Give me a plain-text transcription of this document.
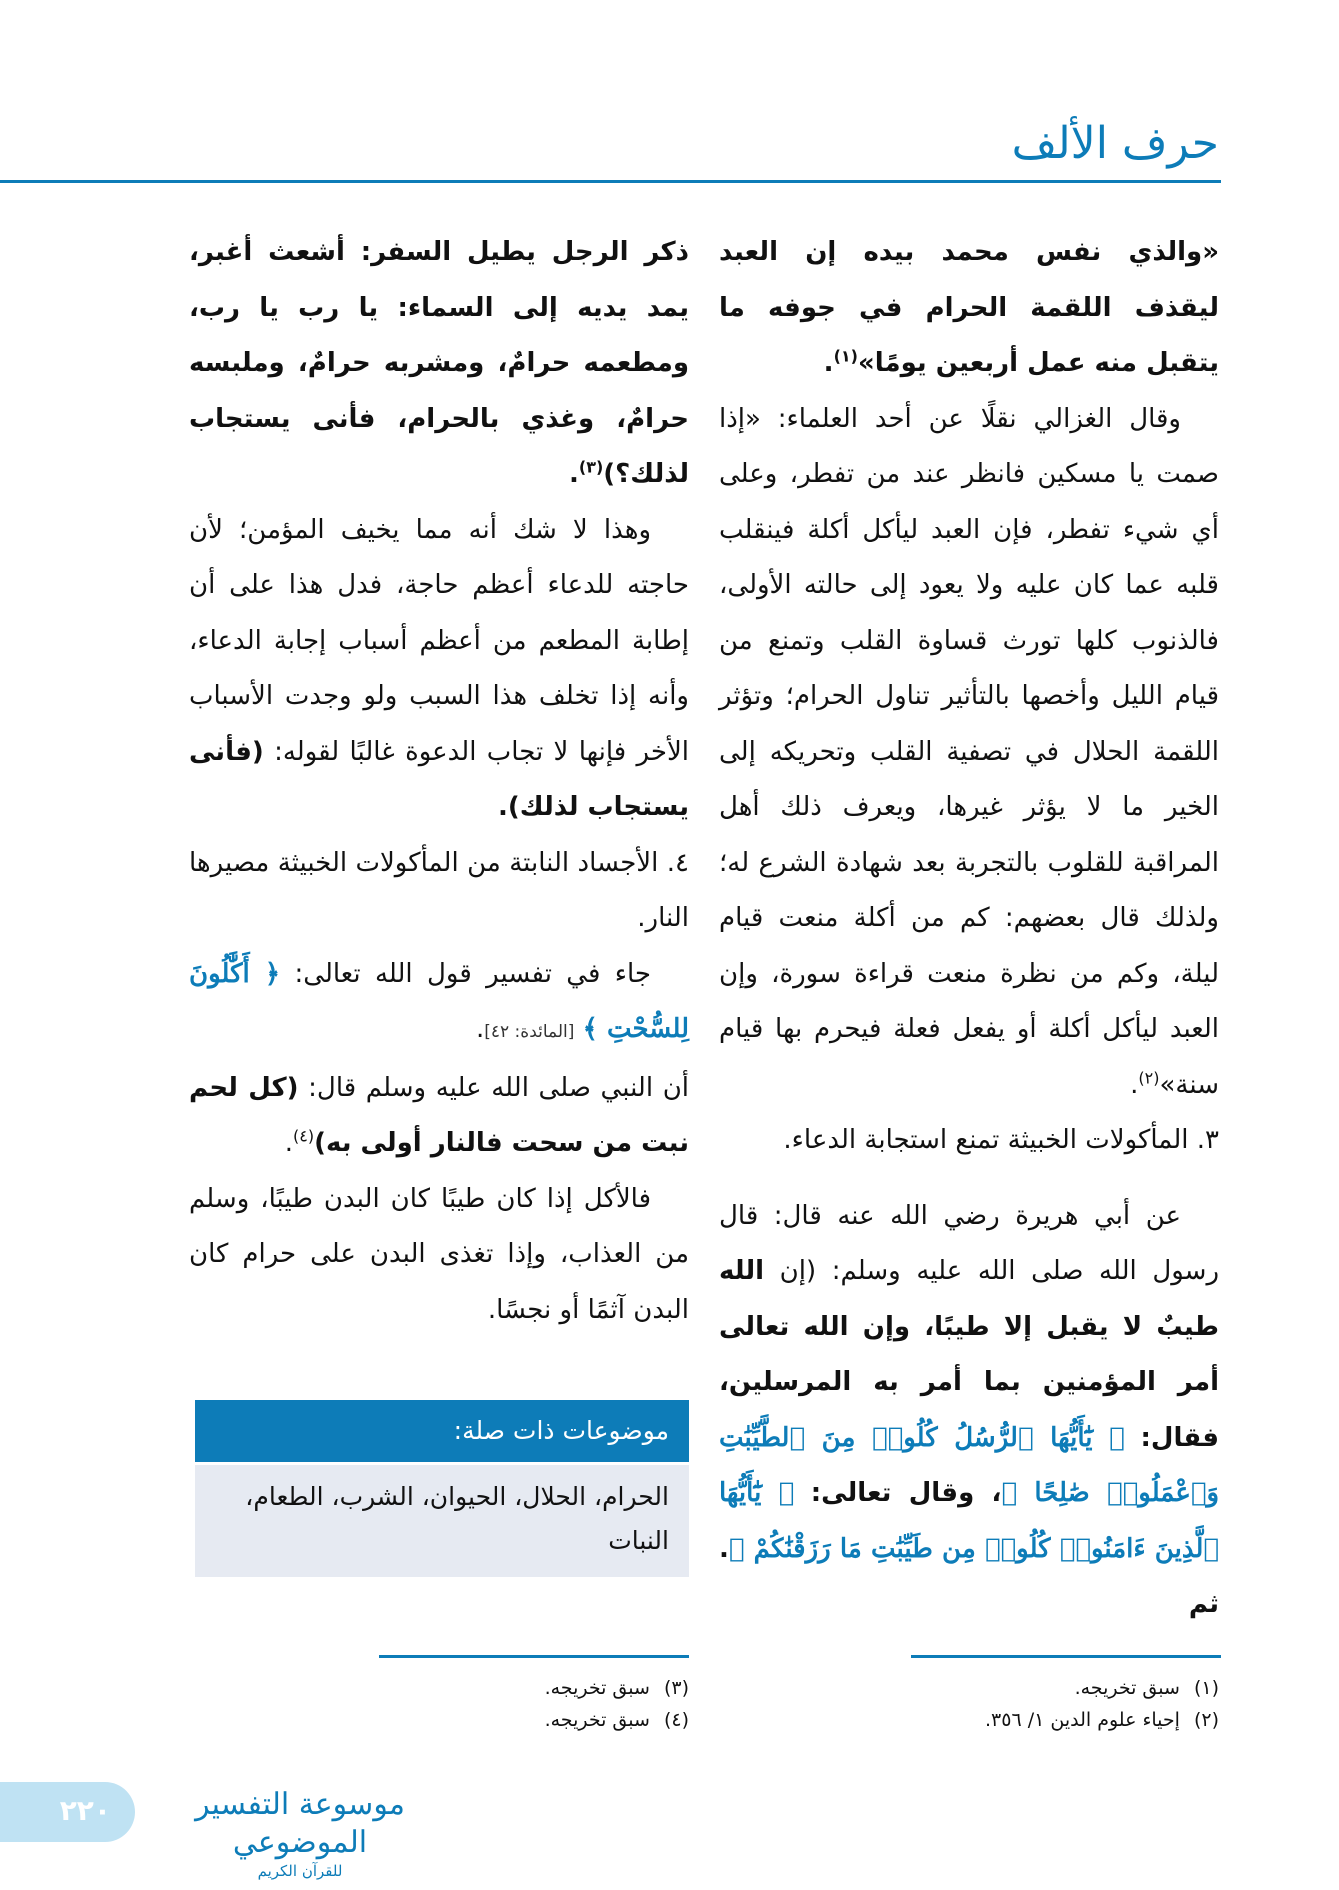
حرف الألف

«والذي نفس محمد بيده إن العبد ليقذف اللقمة الحرام في جوفه ما يتقبل منه عمل أربعين يومًا»$^{(١)}$.

وقال الغزالي نقلًا عن أحد العلماء: «إذا صمت يا مسكين فانظر عند من تفطر، وعلى أي شيء تفطر، فإن العبد ليأكل أكلة فينقلب قلبه عما كان عليه ولا يعود إلى حالته الأولى، فالذنوب كلها تورث قساوة القلب وتمنع من قيام الليل وأخصها بالتأثير تناول الحرام؛ وتؤثر اللقمة الحلال في تصفية القلب وتحريكه إلى الخير ما لا يؤثر غيرها، ويعرف ذلك أهل المراقبة للقلوب بالتجربة بعد شهادة الشرع له؛ ولذلك قال بعضهم: كم من أكلة منعت قيام ليلة، وكم من نظرة منعت قراءة سورة، وإن العبد ليأكل أكلة أو يفعل فعلة فيحرم بها قيام سنة»$^{(٢)}$.

٣. المأكولات الخبيثة تمنع استجابة الدعاء.

عن أبي هريرة رضي الله عنه قال: قال رسول الله صلى الله عليه وسلم: (إن الله طيبٌ لا يقبل إلا طيبًا، وإن الله تعالى أمر المؤمنين بما أمر به المرسلين، فقال: ﴿ يَٰٓأَيُّهَا ٱلرُّسُلُ كُلُوا۟ مِنَ ٱلطَّيِّبَٰتِ وَٱعْمَلُوا۟ صَٰلِحًا ﴾، وقال تعالى: ﴿ يَٰٓأَيُّهَا ٱلَّذِينَ ءَامَنُوا۟ كُلُوا۟ مِن طَيِّبَٰتِ مَا رَزَقْنَٰكُمْ ﴾. ثم

ذكر الرجل يطيل السفر: أشعث أغبر، يمد يديه إلى السماء: يا رب يا رب، ومطعمه حرامٌ، ومشربه حرامٌ، وملبسه حرامٌ، وغذي بالحرام، فأنى يستجاب لذلك؟)$^{(٣)}$.

وهذا لا شك أنه مما يخيف المؤمن؛ لأن حاجته للدعاء أعظم حاجة، فدل هذا على أن إطابة المطعم من أعظم أسباب إجابة الدعاء، وأنه إذا تخلف هذا السبب ولو وجدت الأسباب الأخر فإنها لا تجاب الدعوة غالبًا لقوله: (فأنى يستجاب لذلك).

٤. الأجساد النابتة من المأكولات الخبيثة مصيرها النار.

جاء في تفسير قول الله تعالى: ﴿ أَكَّٰلُونَ لِلسُّحْتِ ﴾ [المائدة: ٤٢].

أن النبي صلى الله عليه وسلم قال: (كل لحم نبت من سحت فالنار أولى به)$^{(٤)}$.

فالأكل إذا كان طيبًا كان البدن طيبًا، وسلم من العذاب، وإذا تغذى البدن على حرام كان البدن آثمًا أو نجسًا.

موضوعات ذات صلة:
الحرام، الحلال، الحيوان، الشرب، الطعام، النبات
(١)سبق تخريجه.
(٢)إحياء علوم الدين ١/ ٣٥٦.
(٣)سبق تخريجه.
(٤)سبق تخريجه.
موسوعة التفسير الموضوعي
للقرآن الكريم
٢٢٠
